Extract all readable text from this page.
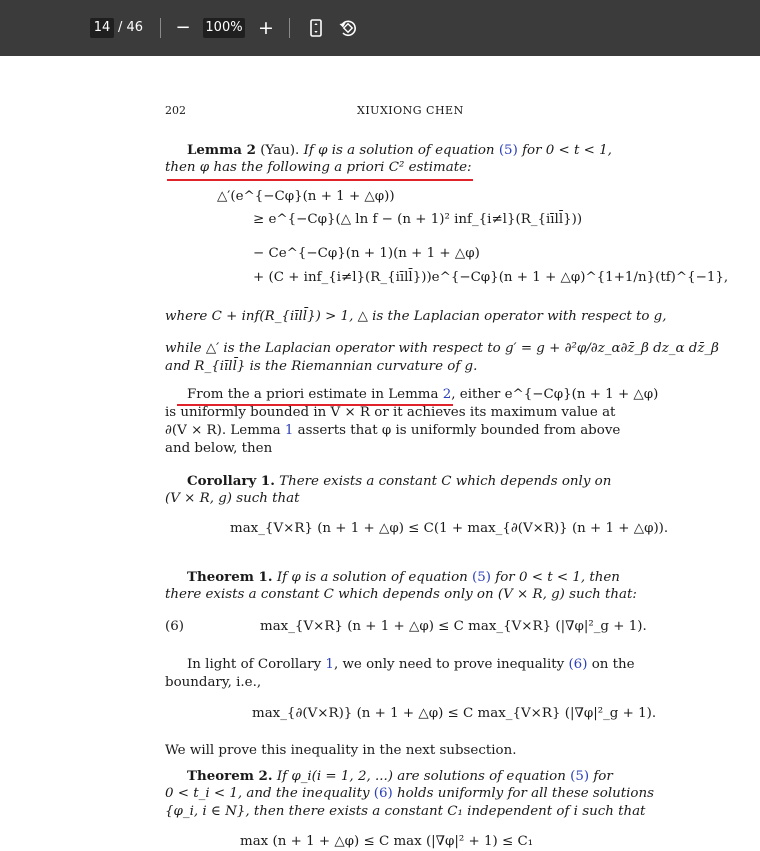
14 / 46 − 100% +
202	XIUXIONG CHEN
Lemma 2 (Yau). If φ is a solution of equation (5) for 0 < t < 1,
then φ has the following a priori C² estimate:
△′(e^{−Cφ}(n + 1 + △φ))
≥ e^{−Cφ}(△ ln f − (n + 1)² inf_{i≠l}(R_{iīll̄}))
− Ce^{−Cφ}(n + 1)(n + 1 + △φ)
+ (C + inf_{i≠l}(R_{iīll̄}))e^{−Cφ}(n + 1 + △φ)^{1+1/n}(tf)^{−1},
where C + inf(R_{iīll̄}) > 1, △ is the Laplacian operator with respect to g,
while △′ is the Laplacian operator with respect to g′ = g + ∂²φ/∂z_α∂z̄_β dz_α dz̄_β
and R_{iīll̄} is the Riemannian curvature of g.
From the a priori estimate in Lemma 2, either e^{−Cφ}(n + 1 + △φ)
is uniformly bounded in V × R or it achieves its maximum value at
∂(V × R). Lemma 1 asserts that φ is uniformly bounded from above
and below, then
Corollary 1. There exists a constant C which depends only on
(V × R, g) such that
max_{V×R} (n + 1 + △φ) ≤ C(1 + max_{∂(V×R)} (n + 1 + △φ)).
Theorem 1. If φ is a solution of equation (5) for 0 < t < 1, then
there exists a constant C which depends only on (V × R, g) such that:
(6)	max_{V×R} (n + 1 + △φ) ≤ C max_{V×R} (|∇φ|²_g + 1).
In light of Corollary 1, we only need to prove inequality (6) on the
boundary, i.e.,
max_{∂(V×R)} (n + 1 + △φ) ≤ C max_{V×R} (|∇φ|²_g + 1).
We will prove this inequality in the next subsection.
Theorem 2. If φ_i(i = 1, 2, ...) are solutions of equation (5) for
0 < t_i < 1, and the inequality (6) holds uniformly for all these solutions
{φ_i, i ∈ N}, then there exists a constant C₁ independent of i such that
max (n + 1 + △φ) ≤ C max (|∇φ|² + 1) ≤ C₁
